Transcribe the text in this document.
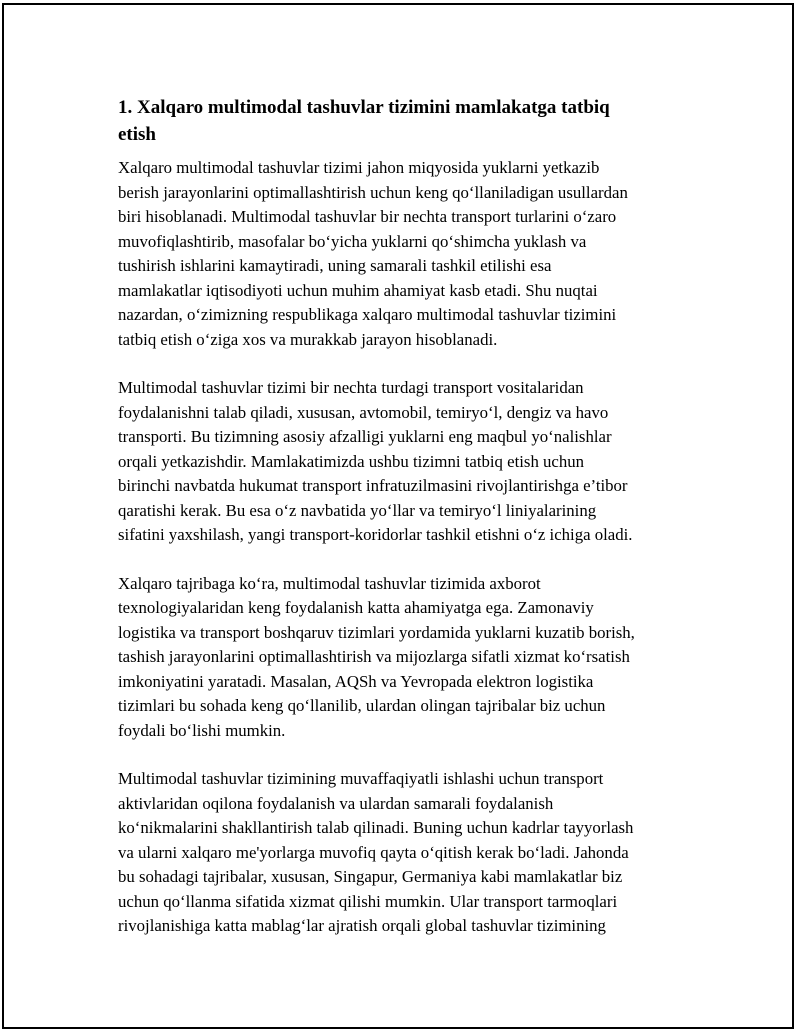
1. Xalqaro multimodal tashuvlar tizimini mamlakatga tatbiq
etish
Xalqaro multimodal tashuvlar tizimi jahon miqyosida yuklarni yetkazib
berish jarayonlarini optimallashtirish uchun keng qo‘llaniladigan usullardan
biri hisoblanadi. Multimodal tashuvlar bir nechta transport turlarini o‘zaro
muvofiqlashtirib, masofalar bo‘yicha yuklarni qo‘shimcha yuklash va
tushirish ishlarini kamaytiradi, uning samarali tashkil etilishi esa
mamlakatlar iqtisodiyoti uchun muhim ahamiyat kasb etadi. Shu nuqtai
nazardan, o‘zimizning respublikaga xalqaro multimodal tashuvlar tizimini
tatbiq etish o‘ziga xos va murakkab jarayon hisoblanadi.
Multimodal tashuvlar tizimi bir nechta turdagi transport vositalaridan
foydalanishni talab qiladi, xususan, avtomobil, temiryo‘l, dengiz va havo
transporti. Bu tizimning asosiy afzalligi yuklarni eng maqbul yo‘nalishlar
orqali yetkazishdir. Mamlakatimizda ushbu tizimni tatbiq etish uchun
birinchi navbatda hukumat transport infratuzilmasini rivojlantirishga e’tibor
qaratishi kerak. Bu esa o‘z navbatida yo‘llar va temiryo‘l liniyalarining
sifatini yaxshilash, yangi transport-koridorlar tashkil etishni o‘z ichiga oladi.
Xalqaro tajribaga ko‘ra, multimodal tashuvlar tizimida axborot
texnologiyalaridan keng foydalanish katta ahamiyatga ega. Zamonaviy
logistika va transport boshqaruv tizimlari yordamida yuklarni kuzatib borish,
tashish jarayonlarini optimallashtirish va mijozlarga sifatli xizmat ko‘rsatish
imkoniyatini yaratadi. Masalan, AQSh va Yevropada elektron logistika
tizimlari bu sohada keng qo‘llanilib, ulardan olingan tajribalar biz uchun
foydali bo‘lishi mumkin.
Multimodal tashuvlar tizimining muvaffaqiyatli ishlashi uchun transport
aktivlaridan oqilona foydalanish va ulardan samarali foydalanish
ko‘nikmalarini shakllantirish talab qilinadi. Buning uchun kadrlar tayyorlash
va ularni xalqaro me'yorlarga muvofiq qayta o‘qitish kerak bo‘ladi. Jahonda
bu sohadagi tajribalar, xususan, Singapur, Germaniya kabi mamlakatlar biz
uchun qo‘llanma sifatida xizmat qilishi mumkin. Ular transport tarmoqlari
rivojlanishiga katta mablag‘lar ajratish orqali global tashuvlar tizimining
